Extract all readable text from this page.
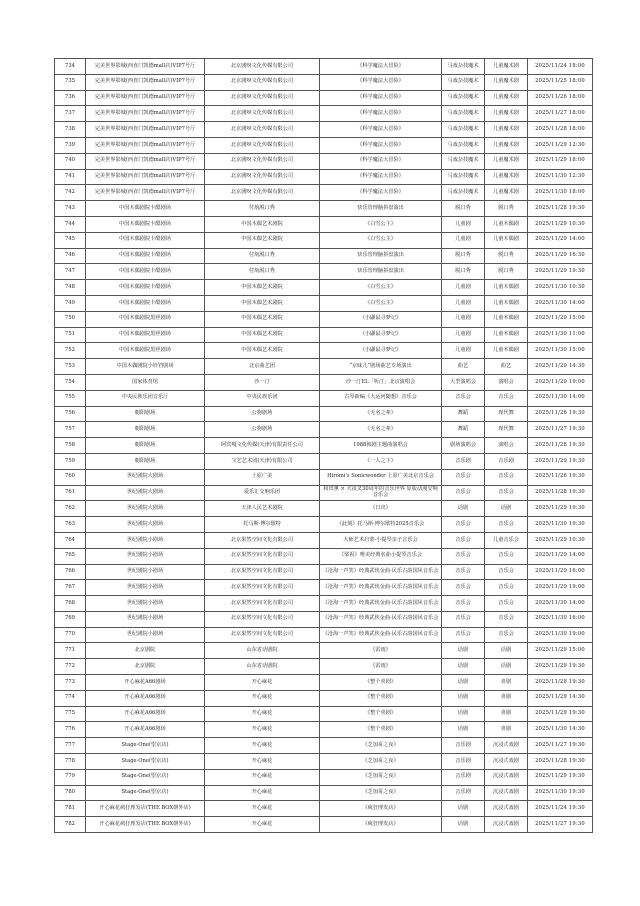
734	完美世界影城(西直门凯德mall店)VIP7号厅	北京剧呀文化传媒有限公司	《科学魔法大冒险》	马戏杂技魔术	儿童魔术剧	2025/11/24 18:00
735	完美世界影城(西直门凯德mall店)VIP7号厅	北京剧呀文化传媒有限公司	《科学魔法大冒险》	马戏杂技魔术	儿童魔术剧	2025/11/25 18:00
736	完美世界影城(西直门凯德mall店)VIP7号厅	北京剧呀文化传媒有限公司	《科学魔法大冒险》	马戏杂技魔术	儿童魔术剧	2025/11/26 18:00
737	完美世界影城(西直门凯德mall店)VIP7号厅	北京剧呀文化传媒有限公司	《科学魔法大冒险》	马戏杂技魔术	儿童魔术剧	2025/11/27 18:00
738	完美世界影城(西直门凯德mall店)VIP7号厅	北京剧呀文化传媒有限公司	《科学魔法大冒险》	马戏杂技魔术	儿童魔术剧	2025/11/28 18:00
739	完美世界影城(西直门凯德mall店)VIP7号厅	北京剧呀文化传媒有限公司	《科学魔法大冒险》	马戏杂技魔术	儿童魔术剧	2025/11/29 12:30
740	完美世界影城(西直门凯德mall店)VIP7号厅	北京剧呀文化传媒有限公司	《科学魔法大冒险》	马戏杂技魔术	儿童魔术剧	2025/11/29 18:00
741	完美世界影城(西直门凯德mall店)VIP7号厅	北京剧呀文化传媒有限公司	《科学魔法大冒险》	马戏杂技魔术	儿童魔术剧	2025/11/30 12:30
742	完美世界影城(西直门凯德mall店)VIP7号厅	北京剧呀文化传媒有限公司	《科学魔法大冒险》	马戏杂技魔术	儿童魔术剧	2025/11/30 18:00
743	中国木偶剧院卡酷剧场	付航脱口秀	快乐管理脑拼盘演出	脱口秀	脱口秀	2025/11/28 19:30
744	中国木偶剧院卡酷剧场	中国木偶艺术剧院	《白雪公主》	儿童剧	儿童木偶剧	2025/11/29 10:30
745	中国木偶剧院卡酷剧场	中国木偶艺术剧院	《白雪公主》	儿童剧	儿童木偶剧	2025/11/29 14:00
746	中国木偶剧院卡酷剧场	付航脱口秀	快乐管理脑拼盘演出	脱口秀	脱口秀	2025/11/29 16:30
747	中国木偶剧院卡酷剧场	付航脱口秀	快乐管理脑拼盘演出	脱口秀	脱口秀	2025/11/29 19:30
748	中国木偶剧院卡酷剧场	中国木偶艺术剧院	《白雪公主》	儿童剧	儿童木偶剧	2025/11/30 10:30
749	中国木偶剧院卡酷剧场	中国木偶艺术剧院	《白雪公主》	儿童剧	儿童木偶剧	2025/11/30 14:00
750	中国木偶剧院黑匣剧场	中国木偶艺术剧院	《小鼹鼠寻梦记》	儿童剧	儿童木偶剧	2025/11/29 15:00
751	中国木偶剧院黑匣剧场	中国木偶艺术剧院	《小鼹鼠寻梦记》	儿童剧	儿童木偶剧	2025/11/30 11:00
752	中国木偶剧院黑匣剧场	中国木偶艺术剧院	《小鼹鼠寻梦记》	儿童剧	儿童木偶剧	2025/11/30 15:00
753	中国木偶剧院小铃铛剧场	北京曲艺团	“京味儿”剧场曲艺专场演出	曲艺	曲艺	2025/11/29 14:30
754	国家体育馆	沙一汀	沙一汀EL「听汀」北京演唱会	大型演唱会	演唱会	2025/11/29 19:00
755	中央民族乐团音乐厅	中央民族乐团	古琴新编《大运河随想》音乐会	音乐会	音乐会	2025/11/30 14:00
756	朝阳剧场	公狗剧场	《无名之辈》	舞蹈	现代舞	2025/11/26 19:30
757	朝阳剧场	公狗剧场	《无名之辈》	舞蹈	现代舞	2025/11/27 19:30
758	朝阳剧场	阿宾嘎文化传媒(天津)有限责任公司	1988韩剧主题曲演唱会	剧场演唱会	演唱会	2025/11/28 19:30
759	朝阳剧场	宝艺艺术团(天津)有限公司	《一人之下》	音乐剧	音乐剧	2025/11/29 19:30
760	世纪剧院大剧场	上原广美	Hiromi's Sonicwonder 上原广美北京音乐会	音乐会	音乐会	2025/11/26 19:30
761	世纪剧院大剧场	爱乐汇交响乐团	和田薰 × 犬夜叉30周年的音乐世界 原版动漫交响音乐会	音乐会	音乐会	2025/11/28 19:30
762	世纪剧院大剧场	天津人民艺术剧院	《日出》	话剧	话剧	2025/11/29 19:30
763	世纪剧院大剧场	托马斯·博尔歇特	《此刻》托马斯·博尔歇特2025音乐会	音乐会	音乐会	2025/11/30 19:30
764	世纪剧院小剧场	北京果然空间文化有限公司	大师艺术启蒙-小提琴亲子音乐会	音乐会	儿童音乐会	2025/11/29 10:30
765	世纪剧院小剧场	北京果然空间文化有限公司	《梁祝》唯美经典名曲小提琴音乐会	音乐会	音乐会	2025/11/29 14:00
766	世纪剧院小剧场	北京果然空间文化有限公司	《沧海一声笑》经典武侠金曲·民乐古韵国风音乐会	音乐会	音乐会	2025/11/29 16:00
767	世纪剧院小剧场	北京果然空间文化有限公司	《沧海一声笑》经典武侠金曲·民乐古韵国风音乐会	音乐会	音乐会	2025/11/29 19:00
768	世纪剧院小剧场	北京果然空间文化有限公司	《沧海一声笑》经典武侠金曲·民乐古韵国风音乐会	音乐会	音乐会	2025/11/30 14:00
769	世纪剧院小剧场	北京果然空间文化有限公司	《沧海一声笑》经典武侠金曲·民乐古韵国风音乐会	音乐会	音乐会	2025/11/30 16:00
770	世纪剧院小剧场	北京果然空间文化有限公司	《沧海一声笑》经典武侠金曲·民乐古韵国风音乐会	音乐会	音乐会	2025/11/30 19:00
771	北京剧院	山东省话剧院	《雷雨》	话剧	话剧	2025/11/29 15:00
772	北京剧院	山东省话剧院	《雷雨》	话剧	话剧	2025/11/29 19:30
773	开心麻花A66剧场	开心麻花	《整个喜剧》	话剧	喜剧	2025/11/28 19:30
774	开心麻花A66剧场	开心麻花	《整个喜剧》	话剧	喜剧	2025/11/29 14:30
775	开心麻花A66剧场	开心麻花	《整个喜剧》	话剧	喜剧	2025/11/29 19:30
776	开心麻花A66剧场	开心麻花	《整个喜剧》	话剧	喜剧	2025/11/30 14:30
777	Stage·One(望京店)	开心麻花	《芝加哥之夜》	音乐剧	沉浸式戏剧	2025/11/27 19:30
778	Stage·One(望京店)	开心麻花	《芝加哥之夜》	音乐剧	沉浸式戏剧	2025/11/28 19:30
779	Stage·One(望京店)	开心麻花	《芝加哥之夜》	音乐剧	沉浸式戏剧	2025/11/29 19:30
780	Stage·One(望京店)	开心麻花	《芝加哥之夜》	音乐剧	沉浸式戏剧	2025/11/30 19:30
781	开心麻花疯狂理发店(THE BOX朝外店)	开心麻花	《疯狂理发店》	话剧	沉浸式戏剧	2025/11/24 19:30
782	开心麻花疯狂理发店(THE BOX朝外店)	开心麻花	《疯狂理发店》	话剧	沉浸式戏剧	2025/11/27 19:30
